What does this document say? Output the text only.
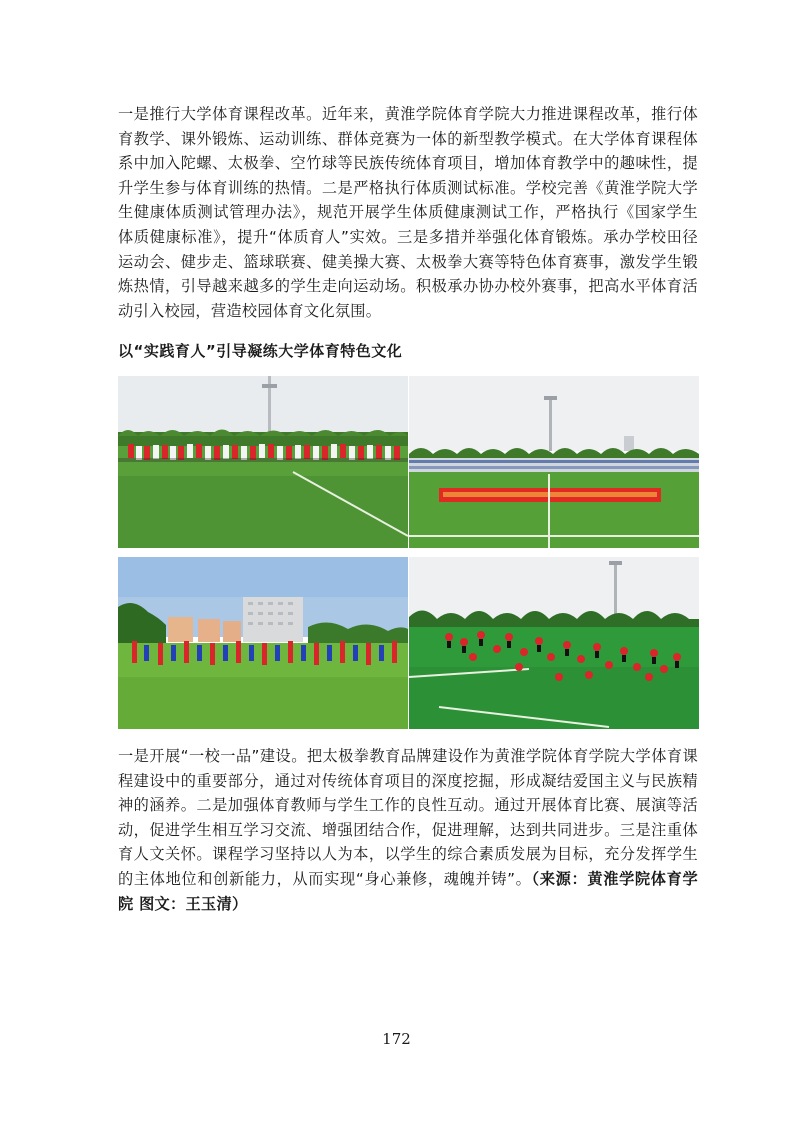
一是推行大学体育课程改革。近年来，黄淮学院体育学院大力推进课程改革，推行体育教学、课外锻炼、运动训练、群体竞赛为一体的新型教学模式。在大学体育课程体系中加入陀螺、太极拳、空竹球等民族传统体育项目，增加体育教学中的趣味性，提升学生参与体育训练的热情。二是严格执行体质测试标准。学校完善《黄淮学院大学生健康体质测试管理办法》，规范开展学生体质健康测试工作，严格执行《国家学生体质健康标准》，提升“体质育人”实效。三是多措并举强化体育锻炼。承办学校田径运动会、健步走、篮球联赛、健美操大赛、太极拳大赛等特色体育赛事，激发学生锻炼热情，引导越来越多的学生走向运动场。积极承办协办校外赛事，把高水平体育活动引入校园，营造校园体育文化氛围。

以“实践育人”引导凝练大学体育特色文化

一是开展“一校一品”建设。把太极拳教育品牌建设作为黄淮学院体育学院大学体育课程建设中的重要部分，通过对传统体育项目的深度挖掘，形成凝结爱国主义与民族精神的涵养。二是加强体育教师与学生工作的良性互动。通过开展体育比赛、展演等活动，促进学生相互学习交流、增强团结合作，促进理解，达到共同进步。三是注重体育人文关怀。课程学习坚持以人为本，以学生的综合素质发展为目标，充分发挥学生的主体地位和创新能力，从而实现“身心兼修，魂魄并铸”。（来源：黄淮学院体育学院 图文：王玉清）

172
